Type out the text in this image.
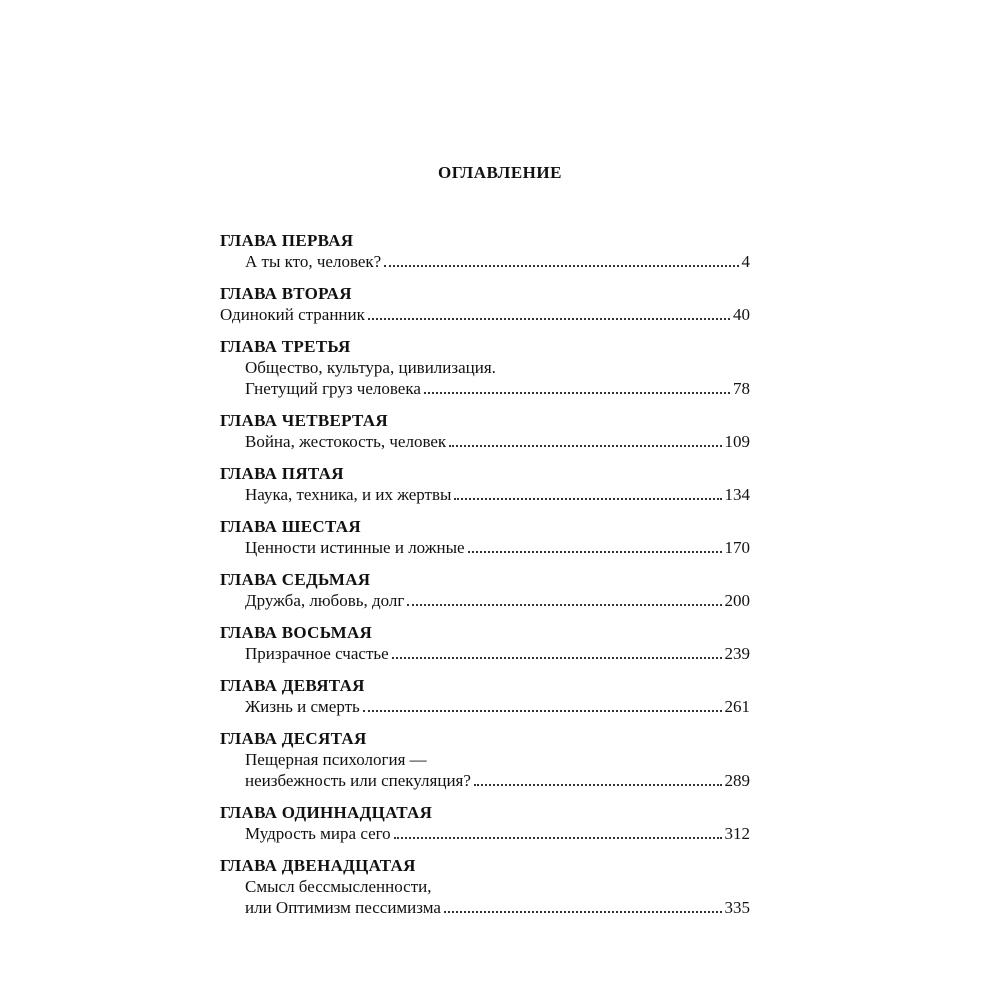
ОГЛАВЛЕНИЕ
ГЛАВА ПЕРВАЯ
А ты кто, человек?	4
ГЛАВА ВТОРАЯ
Одинокий странник	40
ГЛАВА ТРЕТЬЯ
Общество, культура, цивилизация.
Гнетущий груз человека	78
ГЛАВА ЧЕТВЕРТАЯ
Война, жестокость, человек	109
ГЛАВА ПЯТАЯ
Наука, техника, и их жертвы	134
ГЛАВА ШЕСТАЯ
Ценности истинные и ложные	170
ГЛАВА СЕДЬМАЯ
Дружба, любовь, долг	200
ГЛАВА ВОСЬМАЯ
Призрачное счастье	239
ГЛАВА ДЕВЯТАЯ
Жизнь и смерть	261
ГЛАВА ДЕСЯТАЯ
Пещерная психология —
неизбежность или спекуляция?	289
ГЛАВА ОДИННАДЦАТАЯ
Мудрость мира сего	312
ГЛАВА ДВЕНАДЦАТАЯ
Смысл бессмысленности,
или Оптимизм пессимизма	335
